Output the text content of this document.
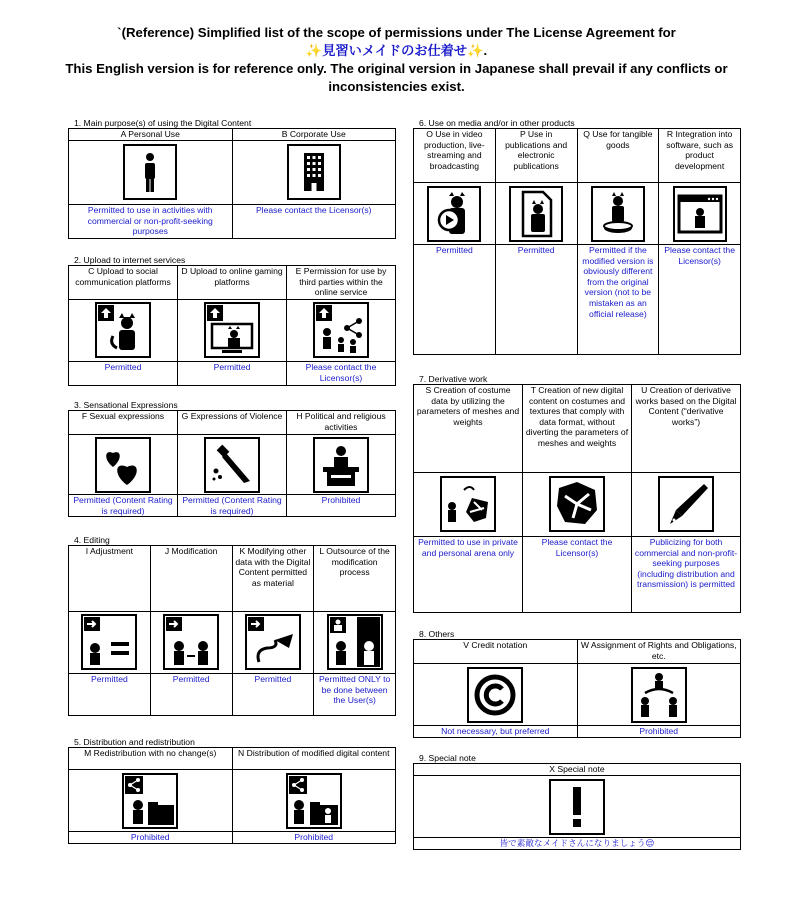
`(Reference) Simplified list of the scope of permissions under The License Agreement for
✨見習いメイドのお仕着せ✨.
This English version is for reference only. The original version in Japanese shall prevail if any conflicts or inconsistencies exist.
1. Main purpose(s) of using the Digital Content
A Personal Use	B Corporate Use

Permitted to use in activities with commercial or non-profit-seeking purposes	Please contact the Licensor(s)
2. Upload to internet services
C Upload to social communication platforms	D Upload to online gaming platforms	E Permission for use by third parties within the online service

Permitted	Permitted	Please contact the Licensor(s)
3. Sensational Expressions
F Sexual expressions	G Expressions of Violence	H Political and religious activities

Permitted (Content Rating is required)	Permitted (Content Rating is required)	Prohibited
4. Editing
I Adjustment	J Modification	K Modifying other data with the Digital Content permitted as material	L Outsource of the modification process

Permitted	Permitted	Permitted	Permitted ONLY to be done between the User(s)
5. Distribution and redistribution
M Redistribution with no change(s)	N Distribution of modified digital content

Prohibited	Prohibited
6. Use on media and/or in other products
O Use in video production, live-streaming and broadcasting	P Use in publications and electronic publications	Q Use for tangible goods	R Integration into software, such as product development

Permitted	Permitted	Permitted if the modified version is obviously different from the original version (not to be mistaken as an official release)	Please contact the Licensor(s)
7. Derivative work
S Creation of costume data by utilizing the parameters of meshes and weights	T Creation of new digital content on costumes and textures that comply with data format, without diverting the parameters of meshes and weights	U Creation of derivative works based on the Digital Content (“derivative works”)

Permitted to use in private and personal arena only	Please contact the Licensor(s)	Publicizing for both commercial and non-profit-seeking purposes (including distribution and transmission) is permitted
8. Others
V Credit notation	W Assignment of Rights and Obligations, etc.

Not necessary, but preferred	Prohibited
9. Special note
X Special note

皆で素敵なメイドさんになりましょう😌
